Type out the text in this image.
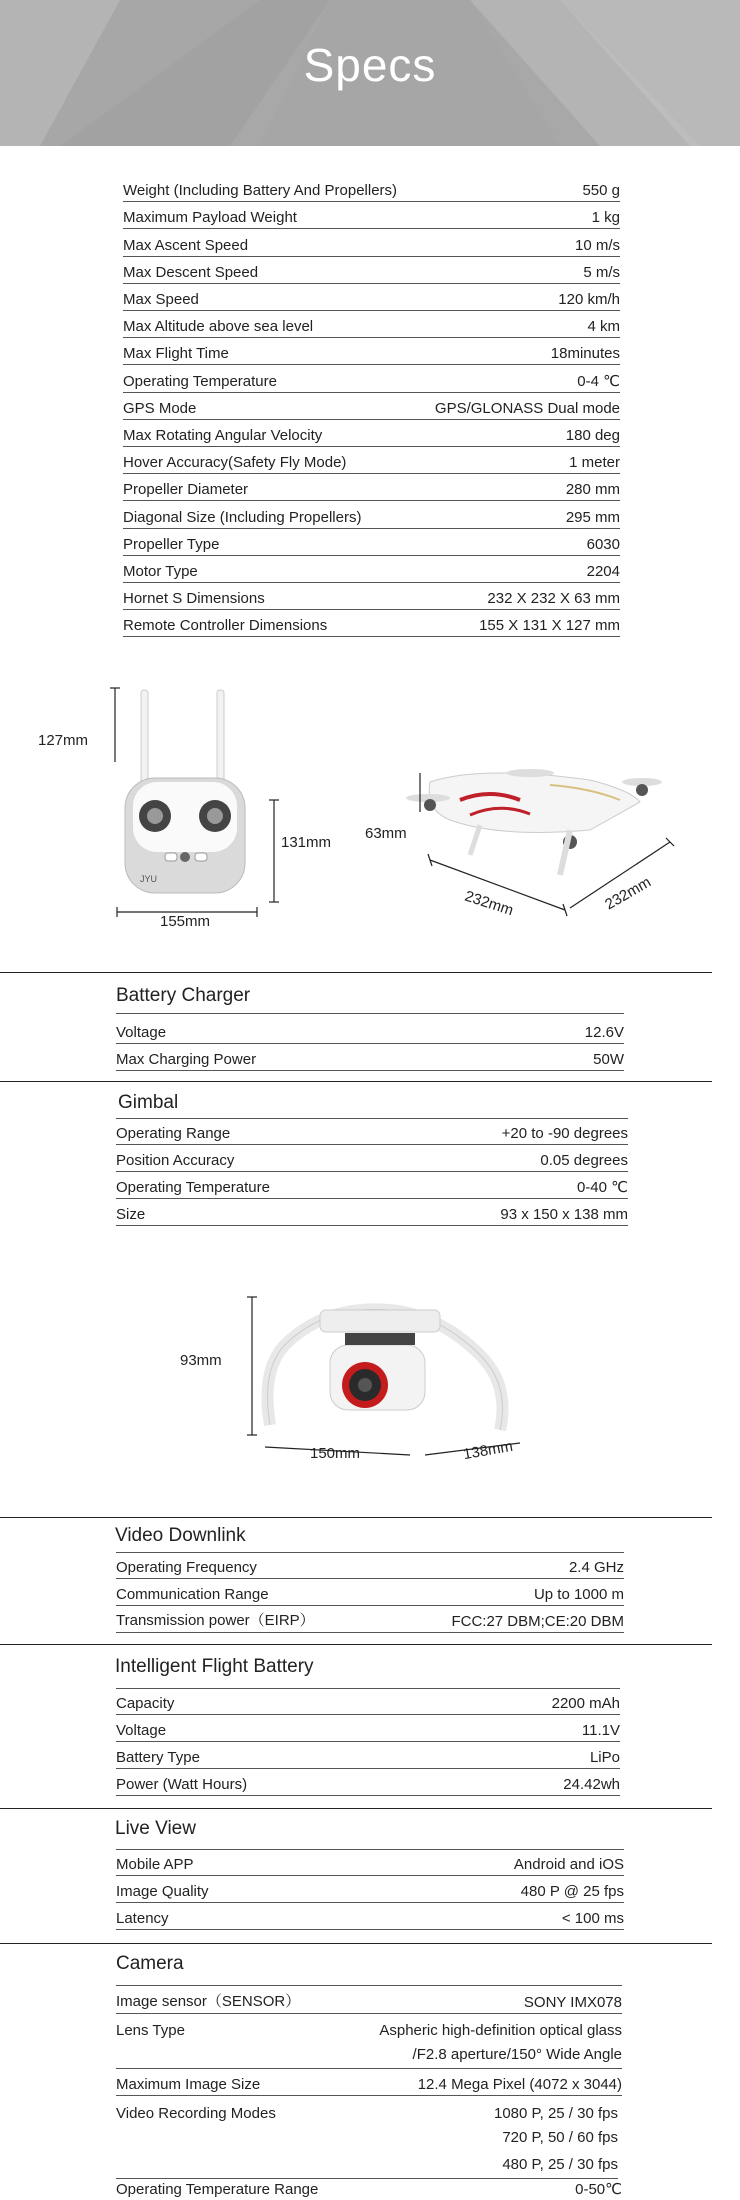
Specs
Weight (Including Battery And Propellers)	550 g
Maximum Payload Weight	1 kg
Max Ascent Speed	10 m/s
Max Descent Speed	5 m/s
Max Speed	120 km/h
Max Altitude above sea level	4 km
Max Flight Time	18minutes
Operating Temperature	0-4 ℃
GPS Mode	GPS/GLONASS Dual mode
Max Rotating Angular Velocity	180 deg
Hover Accuracy(Safety Fly Mode)	1 meter
Propeller Diameter	280 mm
Diagonal Size (Including Propellers)	295 mm
Propeller Type	6030
Motor Type	2204
Hornet S Dimensions	232 X 232 X 63 mm
Remote Controller Dimensions	155 X 131 X 127 mm
JYU
127mm
131mm
155mm
63mm
232mm	232mm
Battery Charger
Voltage	12.6V
Max Charging Power	50W
Gimbal
Operating Range	+20 to -90 degrees
Position Accuracy	0.05 degrees
Operating Temperature	0-40 ℃
Size	93 x 150 x 138 mm
93mm
150mm	138mm
Video Downlink
Operating Frequency	2.4 GHz
Communication Range	Up to 1000 m
Transmission power（EIRP）	FCC:27 DBM;CE:20 DBM
Intelligent Flight Battery
Capacity	2200 mAh
Voltage	11.1V
Battery Type	LiPo
Power (Watt Hours)	24.42wh
Live View
Mobile APP	Android and iOS
Image Quality	480 P @ 25 fps
Latency	< 100 ms
Camera
Image sensor（SENSOR）	SONY IMX078
Lens Type	Aspheric high-definition optical glass
/F2.8 aperture/150° Wide Angle
Maximum Image Size	12.4 Mega Pixel (4072 x 3044)
Video Recording Modes	1080 P, 25 / 30 fps
720 P, 50 / 60 fps
480 P, 25 / 30 fps
Operating Temperature Range	0-50℃
